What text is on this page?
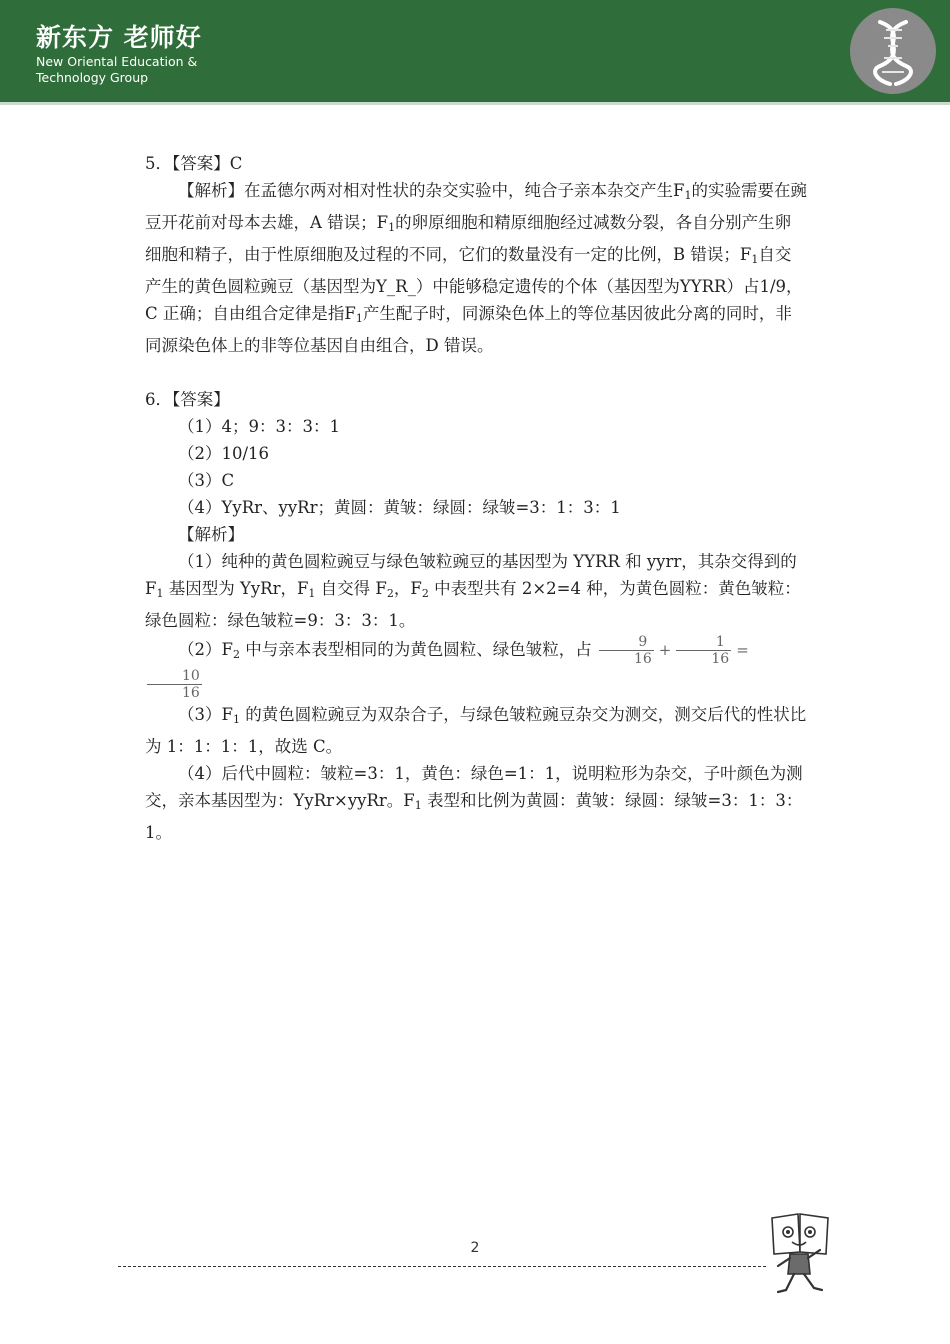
新东方 老师好
New Oriental Education & Technology Group

5．【答案】C

【解析】在孟德尔两对相对性状的杂交实验中，纯合子亲本杂交产生$F_1$的实验需要在豌豆开花前对母本去雄，A 错误；$F_1$的卵原细胞和精原细胞经过减数分裂，各自分别产生卵细胞和精子，由于性原细胞及过程的不同，它们的数量没有一定的比例，B 错误；$F_1$自交产生的黄色圆粒豌豆（基因型为Y_R_）中能够稳定遗传的个体（基因型为YYRR）占1/9，C 正确；自由组合定律是指$F_1$产生配子时，同源染色体上的等位基因彼此分离的同时，非同源染色体上的非等位基因自由组合，D 错误。

6．【答案】

（1）4；9：3：3：1

（2）10/16

（3）C

（4）YyRr、yyRr；黄圆：黄皱：绿圆：绿皱=3：1：3：1

【解析】

（1）纯种的黄色圆粒豌豆与绿色皱粒豌豆的基因型为 YYRR 和 yyrr，其杂交得到的 $F_1$ 基因型为 YyRr，$F_1$ 自交得 $F_2$，$F_2$ 中表型共有 2×2=4 种，为黄色圆粒：黄色皱粒：绿色圆粒：绿色皱粒=9：3：3：1。

$(2)F_2$ 中与亲本表型相同的为黄色圆粒、绿色皱粒，占 $\frac{9}{16} + \frac{1}{16}$ =
$\frac{10}{16}$

$(3)F_1$ 的黄色圆粒豌豆为双杂合子，与绿色皱粒豌豆杂交为测交，测交后代的性状比为 1：1：1：1，故选 C。

（4）后代中圆粒：皱粒=3：1，黄色：绿色=1：1，说明粒形为杂交，子叶颜色为测交，亲本基因型为：YyRr×yyRr。$F_1$ 表型和比例为黄圆：黄皱：绿圆：绿皱=3：1：3：1。

2
